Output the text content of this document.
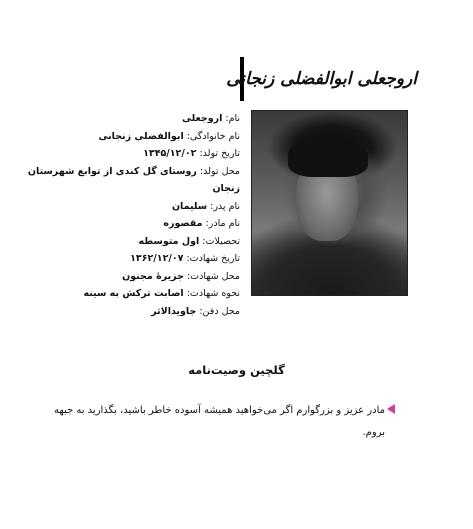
اروجعلی ابوالفضلی زنجانی
نام: اروجعلی
نام خانوادگی: ابوالفضلی زنجانی
تاریخ تولد: ۱۳۴۵/۱۲/۰۲
محل تولد: روستای گل کندی از توابع شهرستان
زنجان
نام پدر: سلیمان
نام مادر: مقصوره
تحصیلات: اول متوسطه
تاریخ شهادت: ۱۳۶۲/۱۲/۰۷
محل شهادت: جزیرۀ مجنون
نحوه شهادت: اصابت ترکش به سینه
محل دفن: جاویدالاثر
گلچین وصیت‌نامه
مادر عزیز و بزرگوارم اگر می‌خواهید همیشه آسوده خاطر باشید، بگذارید به جبهه بروم.
